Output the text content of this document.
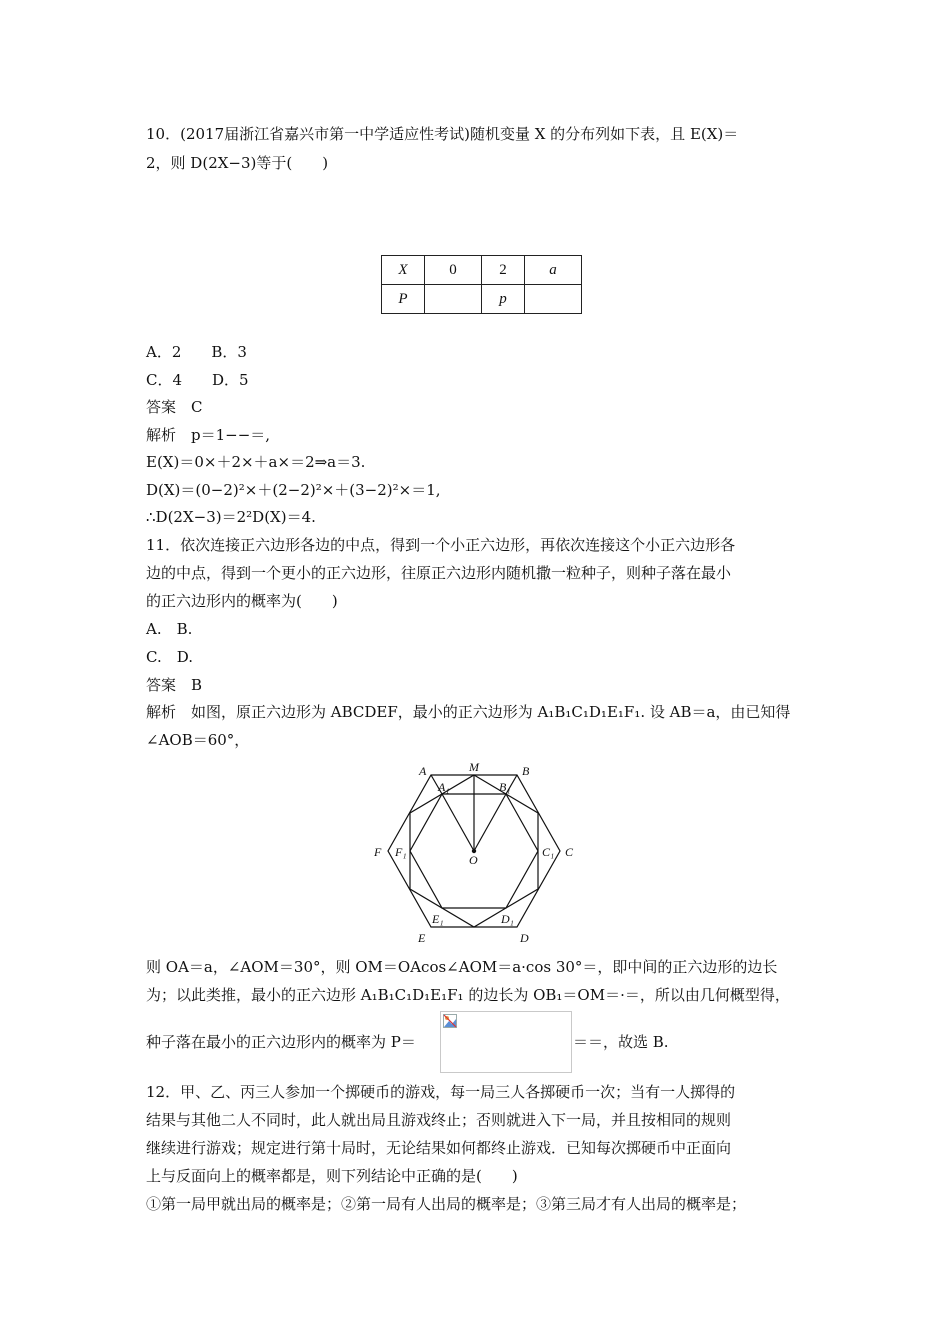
10．(2017届浙江省嘉兴市第一中学适应性考试)随机变量 X 的分布列如下表，且 E(X)＝
2，则 D(2X−3)等于(　　)
X	0	2	a
P		p	
A．2　　B．3
C．4　　D．5
答案　C
解析　p＝1−−＝,
E(X)＝0×＋2×＋a×＝2⇒a＝3.
D(X)＝(0−2)²×＋(2−2)²×＋(3−2)²×＝1,
∴D(2X−3)＝2²D(X)＝4.
11．依次连接正六边形各边的中点，得到一个小正六边形，再依次连接这个小正六边形各
边的中点，得到一个更小的正六边形，往原正六边形内随机撒一粒种子，则种子落在最小
的正六边形内的概率为(　　)
A.　B.
C.　D.
答案　B
解析　如图，原正六边形为 ABCDEF，最小的正六边形为 A₁B₁C₁D₁E₁F₁. 设 AB＝a，由已知得
∠AOB＝60°，
A	M	B
A₁	B₁
F F₁
O
C₁ C
E₁	D₁
E	D
则 OA＝a，∠AOM＝30°，则 OM＝OAcos∠AOM＝a·cos 30°＝，即中间的正六边形的边长
为；以此类推，最小的正六边形 A₁B₁C₁D₁E₁F₁ 的边长为 OB₁＝OM＝·＝，所以由几何概型得，
种子落在最小的正六边形内的概率为 P＝	＝＝，故选 B.
12．甲、乙、丙三人参加一个掷硬币的游戏，每一局三人各掷硬币一次；当有一人掷得的
结果与其他二人不同时，此人就出局且游戏终止；否则就进入下一局，并且按相同的规则
继续进行游戏；规定进行第十局时，无论结果如何都终止游戏．已知每次掷硬币中正面向
上与反面向上的概率都是，则下列结论中正确的是(　　)
①第一局甲就出局的概率是；②第一局有人出局的概率是；③第三局才有人出局的概率是；
